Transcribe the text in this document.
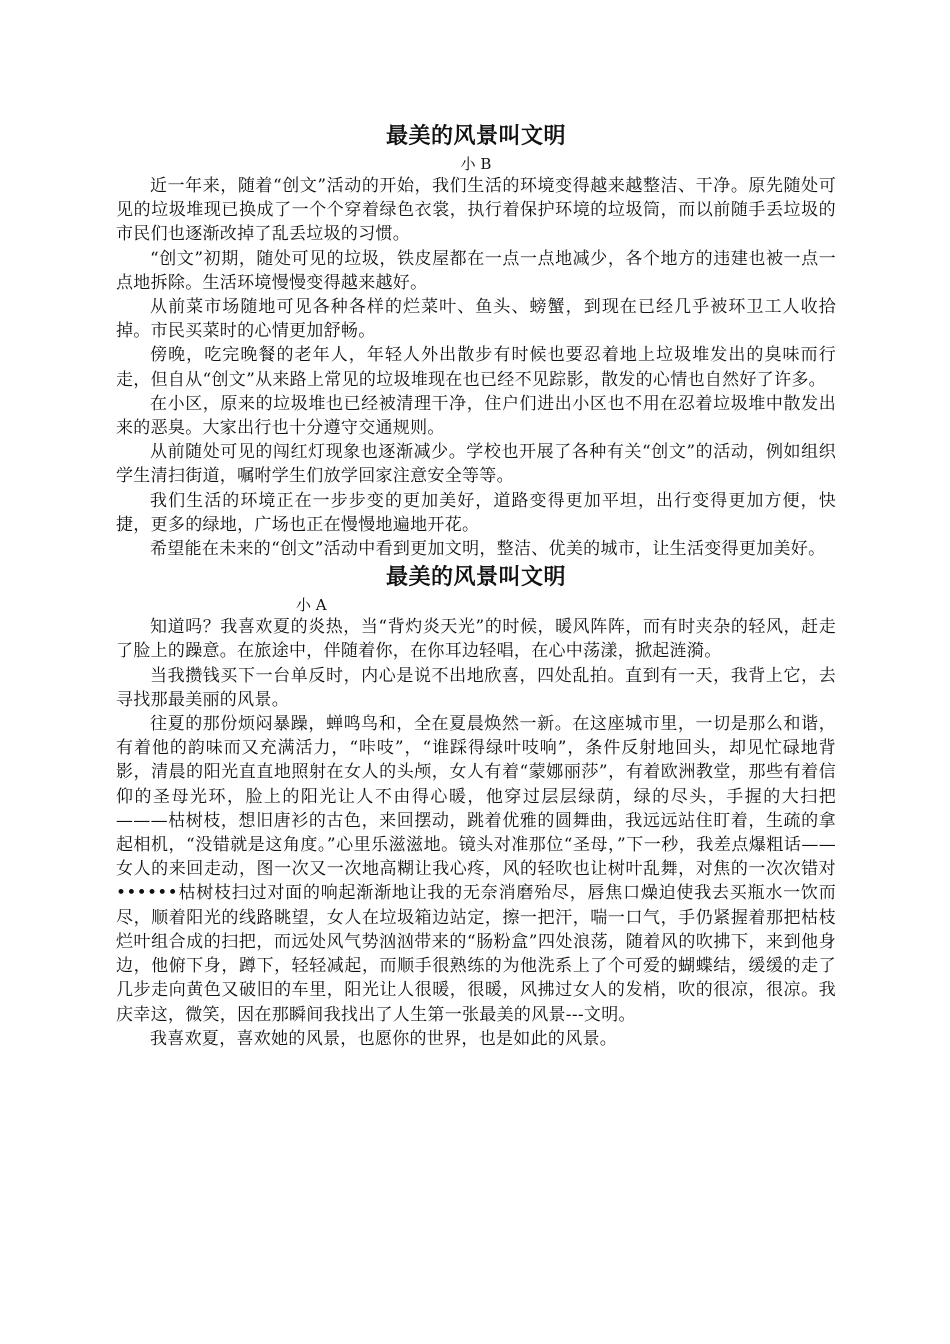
最美的风景叫文明

小 B

近一年来，随着“创文”活动的开始，我们生活的环境变得越来越整洁、干净。原先随处可见的垃圾堆现已换成了一个个穿着绿色衣裳，执行着保护环境的垃圾筒，而以前随手丢垃圾的市民们也逐渐改掉了乱丢垃圾的习惯。

“创文”初期，随处可见的垃圾，铁皮屋都在一点一点地减少，各个地方的违建也被一点一点地拆除。生活环境慢慢变得越来越好。

从前菜市场随地可见各种各样的烂菜叶、鱼头、螃蟹，到现在已经几乎被环卫工人收拾掉。市民买菜时的心情更加舒畅。

傍晚，吃完晚餐的老年人，年轻人外出散步有时候也要忍着地上垃圾堆发出的臭味而行走，但自从“创文”从来路上常见的垃圾堆现在也已经不见踪影，散发的心情也自然好了许多。

在小区，原来的垃圾堆也已经被清理干净，住户们进出小区也不用在忍着垃圾堆中散发出来的恶臭。大家出行也十分遵守交通规则。

从前随处可见的闯红灯现象也逐渐减少。学校也开展了各种有关“创文”的活动，例如组织学生清扫街道，嘱咐学生们放学回家注意安全等等。

我们生活的环境正在一步步变的更加美好，道路变得更加平坦，出行变得更加方便，快捷，更多的绿地，广场也正在慢慢地遍地开花。

希望能在未来的“创文”活动中看到更加文明，整洁、优美的城市，让生活变得更加美好。

最美的风景叫文明

小 A

知道吗？我喜欢夏的炎热，当“背灼炎天光”的时候，暖风阵阵，而有时夹杂的轻风，赶走了脸上的躁意。在旅途中，伴随着你，在你耳边轻唱，在心中荡漾，掀起涟漪。

当我攒钱买下一台单反时，内心是说不出地欣喜，四处乱拍。直到有一天，我背上它，去寻找那最美丽的风景。

往夏的那份烦闷暴躁，蝉鸣鸟和，全在夏晨焕然一新。在这座城市里，一切是那么和谐，有着他的韵味而又充满活力，“咔吱”，“谁踩得绿叶吱响”，条件反射地回头，却见忙碌地背影，清晨的阳光直直地照射在女人的头颅，女人有着“蒙娜丽莎”，有着欧洲教堂，那些有着信仰的圣母光环，脸上的阳光让人不由得心暖，他穿过层层绿荫，绿的尽头，手握的大扫把———枯树枝，想旧唐衫的古色，来回摆动，跳着优雅的圆舞曲，我远远站住盯着，生疏的拿起相机，“没错就是这角度。”心里乐滋滋地。镜头对准那位“圣母，”下一秒，我差点爆粗话——女人的来回走动，图一次又一次地高糊让我心疼，风的轻吹也让树叶乱舞，对焦的一次次错对••••••枯树枝扫过对面的响起渐渐地让我的无奈消磨殆尽，唇焦口燥迫使我去买瓶水一饮而尽，顺着阳光的线路眺望，女人在垃圾箱边站定，擦一把汗，喘一口气，手仍紧握着那把枯枝烂叶组合成的扫把，而远处风气势汹汹带来的“肠粉盒”四处浪荡，随着风的吹拂下，来到他身边，他俯下身，蹲下，轻轻减起，而顺手很熟练的为他洗系上了个可爱的蝴蝶结，缓缓的走了几步走向黄色又破旧的车里，阳光让人很暖，很暖，风拂过女人的发梢，吹的很凉，很凉。我庆幸这，微笑，因在那瞬间我找出了人生第一张最美的风景---文明。

我喜欢夏，喜欢她的风景，也愿你的世界，也是如此的风景。
